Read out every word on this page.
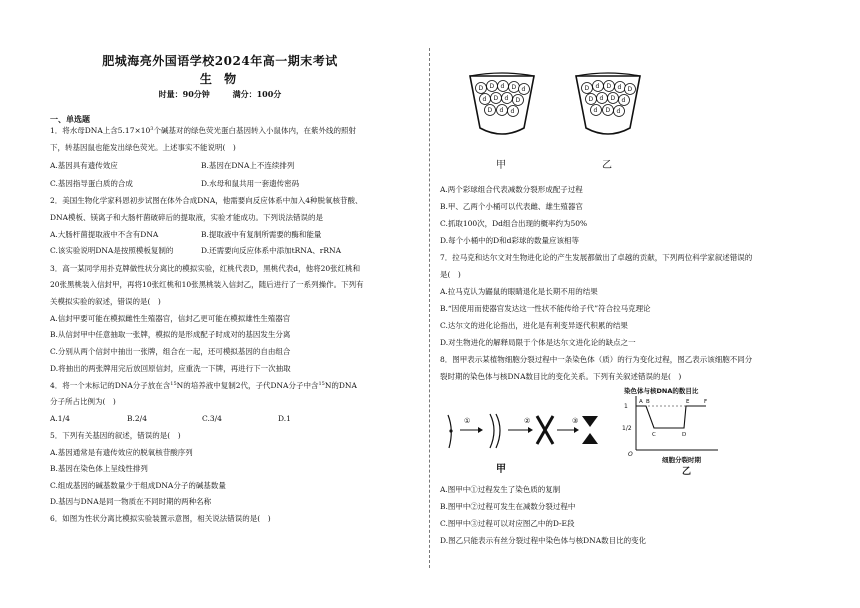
肥城海亮外国语学校2024年高一期末考试
生 物
时量：90分钟	满分：100分
一、单选题
1．将水母DNA上含$5.17\times 10^3$个碱基对的绿色荧光蛋白基因转入小鼠体内，在紫外线的照射
下，转基因鼠也能发出绿色荧光。上述事实不能说明(　)
A.基因具有遗传效应	B.基因在DNA上不连续排列
C.基因指导蛋白质的合成	D.水母和鼠共用一套遗传密码
2．美国生物化学家科恩初步试图在体外合成DNA，他需要向反应体系中加入4种脱氧核苷酸、
DNA模板、镁离子和大肠杆菌破碎后的提取液，实验才能成功。下列说法错误的是
A.大肠杆菌提取液中不含有DNA	B.提取液中有复制所需要的酶和能量
C.该实验说明DNA是按照模板复制的	D.还需要向反应体系中添加tRNA、rRNA
3．高一某同学用扑克牌做性状分离比的模拟实验，红桃代表D，黑桃代表d，他将20张红桃和
20张黑桃装入信封甲，再将10张红桃和10张黑桃装入信封乙，随后进行了一系列操作。下列有
关模拟实验的叙述，错误的是(　)
A.信封甲要可能在模拟雌性生殖器官，信封乙更可能在模拟雄性生殖器官
B.从信封甲中任意抽取一张牌，模拟的是形成配子时成对的基因发生分离
C.分别从两个信封中抽出一张牌，组合在一起，还可模拟基因的自由组合
D.将抽出的两张牌用完后放回原信封，应重洗一下牌，再进行下一次抽取
4．将一个未标记的DNA分子放在含$^{15}$N的培养液中复制2代，子代DNA分子中含$^{15}$N的DNA
分子所占比例为(　)
A.1/4	B.2/4	C.3/4	D.1
5．下列有关基因的叙述，错误的是(　)
A.基因通常是有遗传效应的脱氧核苷酸序列
B.基因在染色体上呈线性排列
C.组成基因的碱基数量少于组成DNA分子的碱基数量
D.基因与DNA是同一物质在不同时期的两种名称
6．如图为性状分离比模拟实验装置示意图，相关说法错误的是(　)
D D d D d
d D d D
D d d
甲
D d D d D
D d D d
d D d
乙
A.两个彩球组合代表减数分裂形成配子过程
B.甲、乙两个小桶可以代表雌、雄生殖器官
C.抓取100次，Dd组合出现的概率约为50%
D.每个小桶中的D和d彩球的数量应该相等
7．拉马克和达尔文对生物进化论的产生发展都做出了卓越的贡献，下列两位科学家叙述错误的
是(　)
A.拉马克认为鼹鼠的眼睛退化是长期不用的结果
B.“因使用而使器官发达这一性状不能传给子代”符合拉马克理论
C.达尔文的进化论指出，进化是有利变异逐代积累的结果
D.对生物进化的解释局限于个体是达尔文进化论的缺点之一
8．图甲表示某植物细胞分裂过程中一条染色体（质）的行为变化过程，图乙表示该细胞不同分
裂时期的染色体与核DNA数目比的变化关系。下列有关叙述错误的是(　)
①	②	③
甲
染色体与核DNA的数目比
1
1/2
O
A B
C	D
E	F
细胞分裂时期
乙
A.图甲中①过程发生了染色质的复制
B.图甲中②过程可发生在减数分裂过程中
C.图甲中③过程可以对应图乙中的D-E段
D.图乙只能表示有丝分裂过程中染色体与核DNA数目比的变化
